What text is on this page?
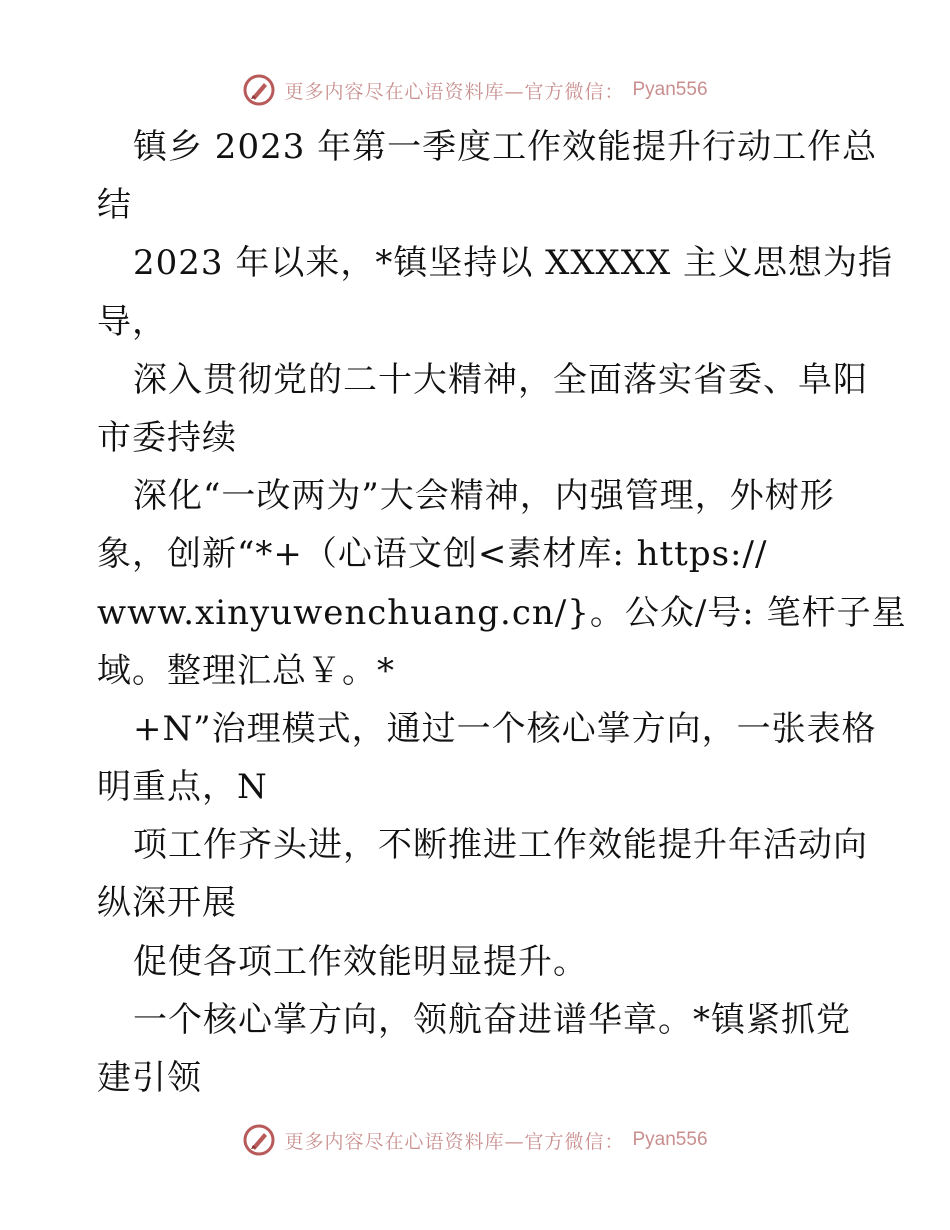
更多内容尽在心语资料库—官方微信： Pyan556
镇乡 2023 年第一季度工作效能提升行动工作总
结
2023 年以来，*镇坚持以 XXXXX 主义思想为指
导，
深入贯彻党的二十大精神，全面落实省委、阜阳
市委持续
深化“一改两为”大会精神，内强管理，外树形
象，创新“*+（心语文创<素材库: https://
www.xinyuwenchuang.cn/}。公众/号: 笔杆子星
域。整理汇总￥。*
+N”治理模式，通过一个核心掌方向，一张表格
明重点，N
项工作齐头进，不断推进工作效能提升年活动向
纵深开展
促使各项工作效能明显提升。
一个核心掌方向，领航奋进谱华章。*镇紧抓党
建引领
更多内容尽在心语资料库—官方微信： Pyan556
